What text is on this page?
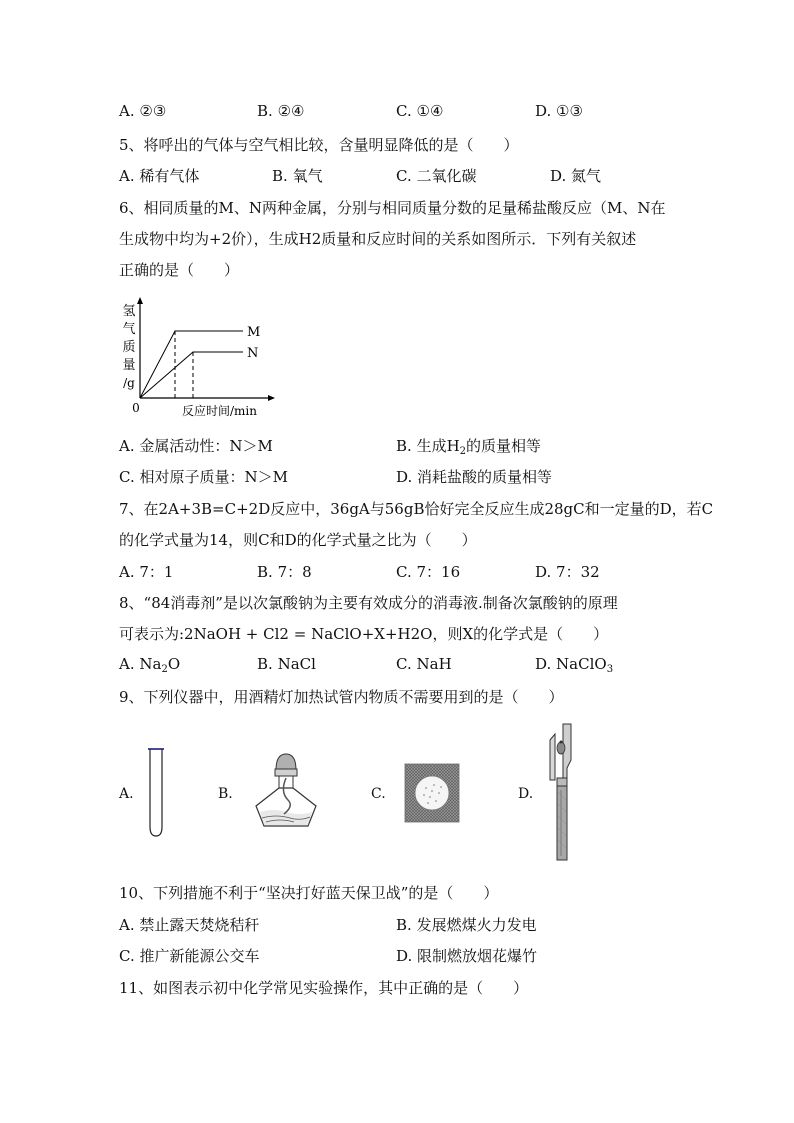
A. ②③	B. ②④	C. ①④	D. ①③
5、将呼出的气体与空气相比较，含量明显降低的是（　　）
A. 稀有气体	B. 氧气	C. 二氧化碳	D. 氮气
6、相同质量的M、N两种金属，分别与相同质量分数的足量稀盐酸反应（M、N在
生成物中均为+2价），生成H2质量和反应时间的关系如图所示．下列有关叙述
正确的是（　　）
氢
气
质
量
/g
M
N
0	反应时间/min
A. 金属活动性：N＞M	B. 生成$H_2$的质量相等
C. 相对原子质量：N＞M	D. 消耗盐酸的质量相等
7、在2A+3B=C+2D反应中，36gA与56gB恰好完全反应生成28gC和一定量的D，若C
的化学式量为14，则C和D的化学式量之比为（　　）
A. 7：1	B. 7：8	C. 7：16	D. 7：32
8、“84消毒剂”是以次氯酸钠为主要有效成分的消毒液.制备次氯酸钠的原理
可表示为:2NaOH + Cl2 = NaClO+X+H2O，则X的化学式是（　　）
A. $Na_2O$	B. NaCl	C. NaH	D. NaClO$_3$
9、下列仪器中，用酒精灯加热试管内物质不需要用到的是（　　）
A.	B.	C.	D.
10、下列措施不利于“坚决打好蓝天保卫战”的是（　　）
A. 禁止露天焚烧秸秆	B. 发展燃煤火力发电
C. 推广新能源公交车	D. 限制燃放烟花爆竹
11、如图表示初中化学常见实验操作，其中正确的是（　　）
